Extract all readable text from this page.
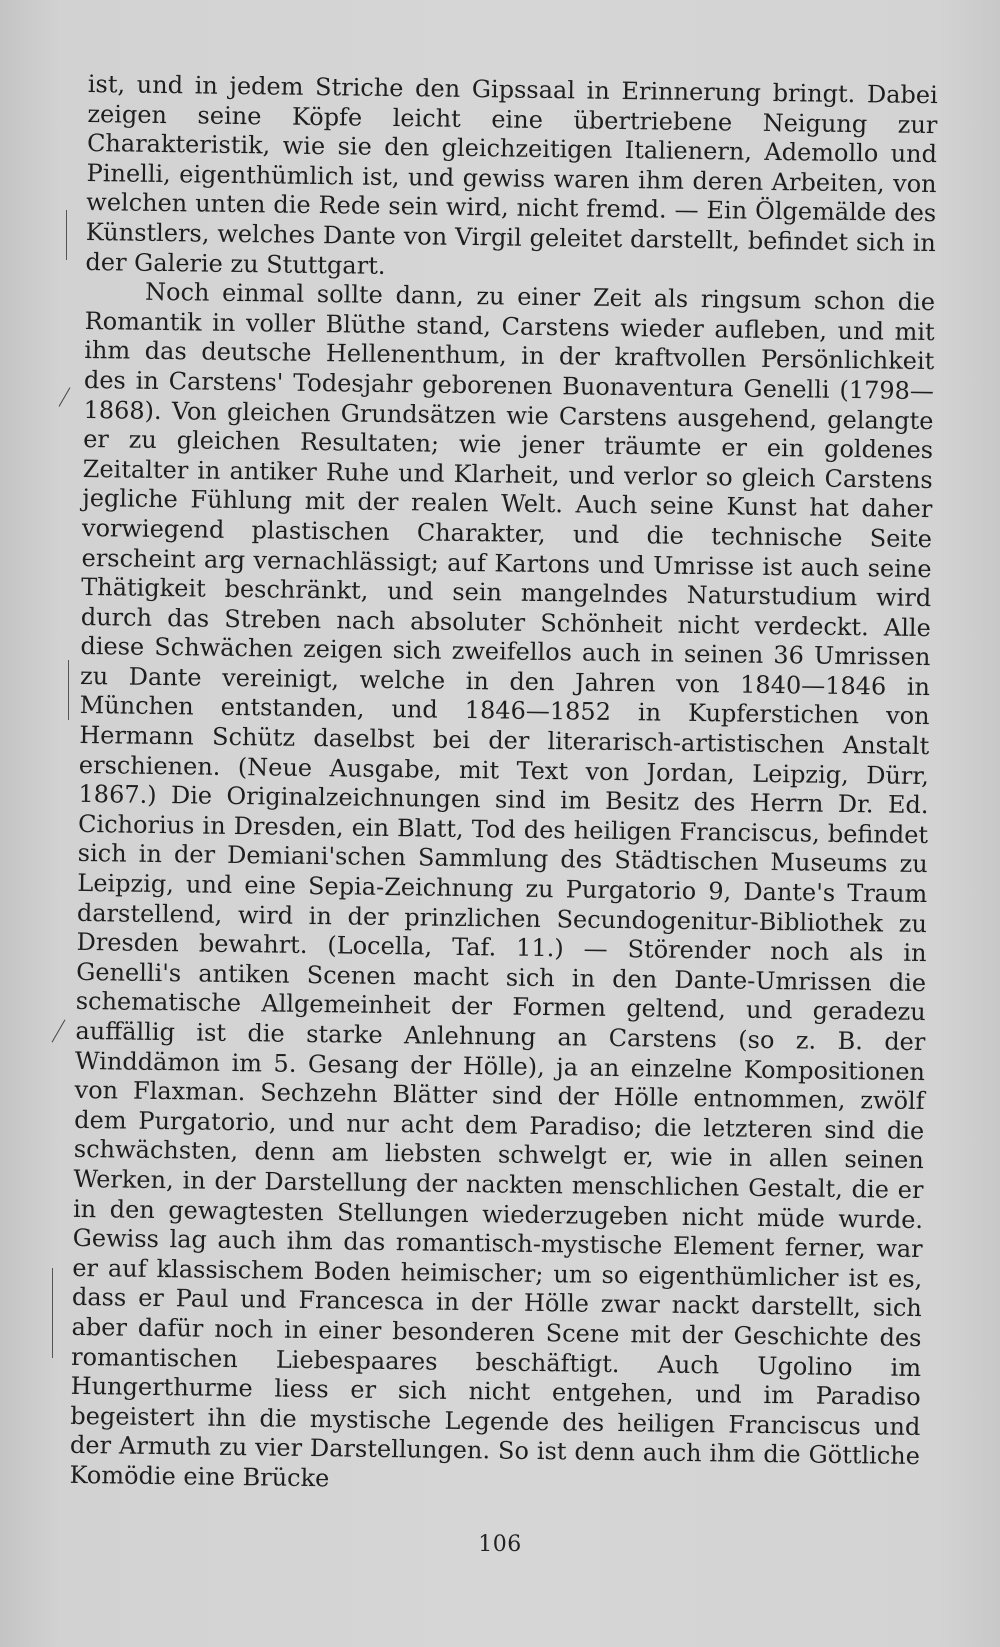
ist, und in jedem Striche den Gipssaal in Erinnerung bringt. Dabei zeigen seine Köpfe leicht eine übertriebene Neigung zur Charakteristik, wie sie den gleichzeitigen Italienern, Ademollo und Pinelli, eigenthümlich ist, und gewiss waren ihm deren Arbeiten, von welchen unten die Rede sein wird, nicht fremd. — Ein Ölgemälde des Künstlers, welches Dante von Virgil geleitet darstellt, befindet sich in der Galerie zu Stuttgart.

Noch einmal sollte dann, zu einer Zeit als ringsum schon die Romantik in voller Blüthe stand, Carstens wieder aufleben, und mit ihm das deutsche Hellenenthum, in der kraftvollen Persönlichkeit des in Carstens' Todesjahr geborenen Buonaventura Genelli (1798—1868). Von gleichen Grundsätzen wie Carstens ausgehend, gelangte er zu gleichen Resultaten; wie jener träumte er ein goldenes Zeitalter in antiker Ruhe und Klarheit, und verlor so gleich Carstens jegliche Fühlung mit der realen Welt. Auch seine Kunst hat daher vorwiegend plastischen Charakter, und die technische Seite erscheint arg vernachlässigt; auf Kartons und Umrisse ist auch seine Thätigkeit beschränkt, und sein mangelndes Naturstudium wird durch das Streben nach absoluter Schönheit nicht verdeckt. Alle diese Schwächen zeigen sich zweifellos auch in seinen 36 Umrissen zu Dante vereinigt, welche in den Jahren von 1840—1846 in München entstanden, und 1846—1852 in Kupferstichen von Hermann Schütz daselbst bei der literarisch-artistischen Anstalt erschienen. (Neue Ausgabe, mit Text von Jordan, Leipzig, Dürr, 1867.) Die Originalzeichnungen sind im Besitz des Herrn Dr. Ed. Cichorius in Dresden, ein Blatt, Tod des heiligen Franciscus, befindet sich in der Demiani'schen Sammlung des Städtischen Museums zu Leipzig, und eine Sepia-Zeichnung zu Purgatorio 9, Dante's Traum darstellend, wird in der prinzlichen Secundogenitur-Bibliothek zu Dresden bewahrt. (Locella, Taf. 11.) — Störender noch als in Genelli's antiken Scenen macht sich in den Dante-Umrissen die schematische Allgemeinheit der Formen geltend, und geradezu auffällig ist die starke Anlehnung an Carstens (so z. B. der Winddämon im 5. Gesang der Hölle), ja an einzelne Kompositionen von Flaxman. Sechzehn Blätter sind der Hölle entnommen, zwölf dem Purgatorio, und nur acht dem Paradiso; die letzteren sind die schwächsten, denn am liebsten schwelgt er, wie in allen seinen Werken, in der Darstellung der nackten menschlichen Gestalt, die er in den gewagtesten Stellungen wiederzugeben nicht müde wurde. Gewiss lag auch ihm das romantisch-mystische Element ferner, war er auf klassischem Boden heimischer; um so eigenthümlicher ist es, dass er Paul und Francesca in der Hölle zwar nackt darstellt, sich aber dafür noch in einer besonderen Scene mit der Geschichte des romantischen Liebespaares beschäftigt. Auch Ugolino im Hungerthurme liess er sich nicht entgehen, und im Paradiso begeistert ihn die mystische Legende des heiligen Franciscus und der Armuth zu vier Darstellungen. So ist denn auch ihm die Göttliche Komödie eine Brücke

106
